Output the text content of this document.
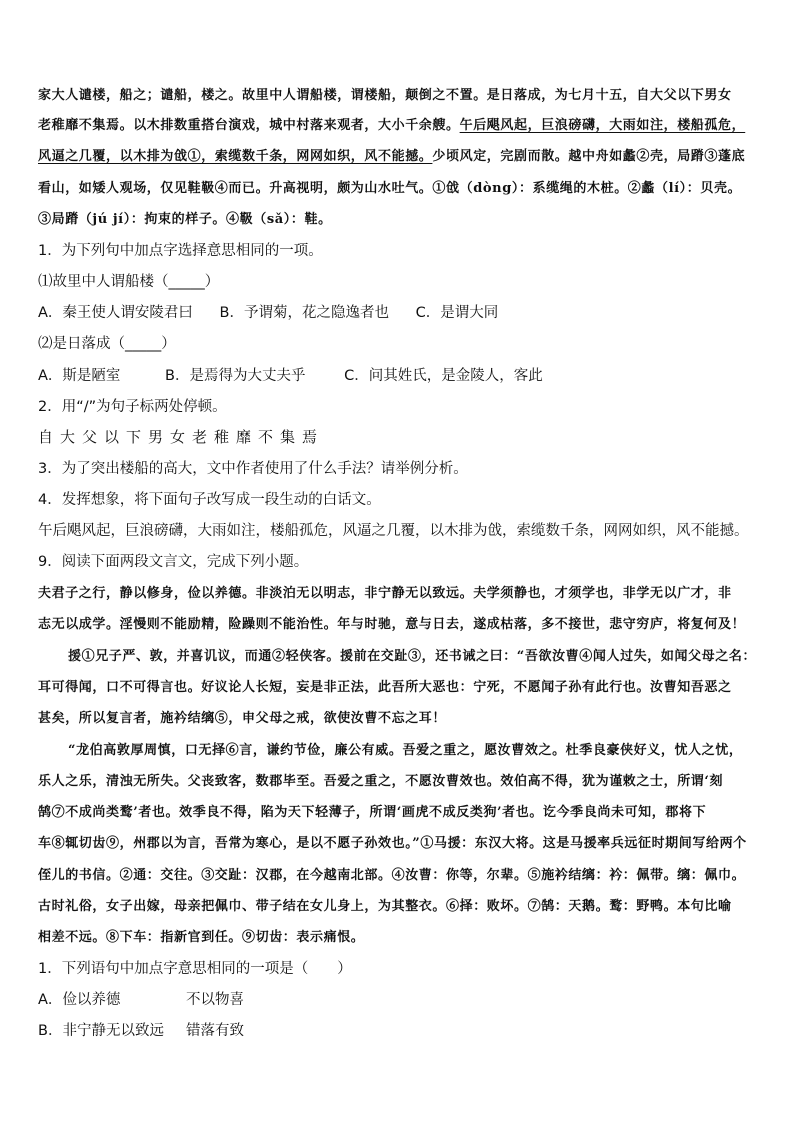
家大人谴楼，船之；谴船，楼之。故里中人谓船楼，谓楼船，颠倒之不置。是日落成，为七月十五，自大父以下男女
老稚靡不集焉。以木排数重搭台演戏，城中村落来观者，大小千余艘。午后飓风起，巨浪磅礴，大雨如注，楼船孤危，
风逼之几覆，以木排为戗①，索缆数千条，网网如织，风不能撼。少顷风定，完剧而散。越中舟如蠡②壳，局蹐③蓬底
看山，如矮人观场，仅见鞋靸④而已。升高视明，颇为山水吐气。①戗（dòng）：系缆绳的木桩。②蠡（lí）：贝壳。
③局蹐（jú jí）：拘束的样子。④靸（sǎ）：鞋。
1．为下列句中加点字选择意思相同的一项。
⑴故里中人谓船楼（_____）
A．秦王使人谓安陵君曰 B．予谓菊，花之隐逸者也 C．是谓大同
⑵是日落成（_____）
A．斯是陋室	B．是焉得为大丈夫乎	C．问其姓氏，是金陵人，客此
2．用“/”为句子标两处停顿。
自大父以下男女老稚靡不集焉
3．为了突出楼船的高大，文中作者使用了什么手法？请举例分析。
4．发挥想象，将下面句子改写成一段生动的白话文。
午后飓风起，巨浪磅礴，大雨如注，楼船孤危，风逼之几覆，以木排为戗，索缆数千条，网网如织，风不能撼。
9．阅读下面两段文言文，完成下列小题。
夫君子之行，静以修身，俭以养德。非淡泊无以明志，非宁静无以致远。夫学须静也，才须学也，非学无以广才，非
志无以成学。淫慢则不能励精，险躁则不能治性。年与时驰，意与日去，遂成枯落，多不接世，悲守穷庐，将复何及！
援①兄子严、敦，并喜讥议，而通②轻侠客。援前在交趾③，还书诫之曰：“吾欲汝曹④闻人过失，如闻父母之名：
耳可得闻，口不可得言也。好议论人长短，妄是非正法，此吾所大恶也：宁死，不愿闻子孙有此行也。汝曹知吾恶之
甚矣，所以复言者，施衿结缡⑤，申父母之戒，欲使汝曹不忘之耳！
“龙伯高敦厚周慎，口无择⑥言，谦约节俭，廉公有威。吾爱之重之，愿汝曹效之。杜季良豪侠好义，忧人之忧，
乐人之乐，清浊无所失。父丧致客，数郡毕至。吾爱之重之，不愿汝曹效也。效伯高不得，犹为谨敕之士，所谓‘刻
鹄⑦不成尚类鹜’者也。效季良不得，陷为天下轻薄子，所谓‘画虎不成反类狗’者也。讫今季良尚未可知，郡将下
车⑧辄切齿⑨，州郡以为言，吾常为寒心，是以不愿子孙效也。”①马援：东汉大将。这是马援率兵远征时期间写给两个
侄儿的书信。②通：交往。③交趾：汉郡，在今越南北部。④汝曹：你等，尔辈。⑤施衿结缡：衿：佩带。缡：佩巾。
古时礼俗，女子出嫁，母亲把佩巾、带子结在女儿身上，为其整衣。⑥择：败坏。⑦鹄：天鹅。鹜：野鸭。本句比喻
相差不远。⑧下车：指新官到任。⑨切齿：表示痛恨。
1．下列语句中加点字意思相同的一项是（　　）
A．俭以养德	不以物喜
B．非宁静无以致远 错落有致
